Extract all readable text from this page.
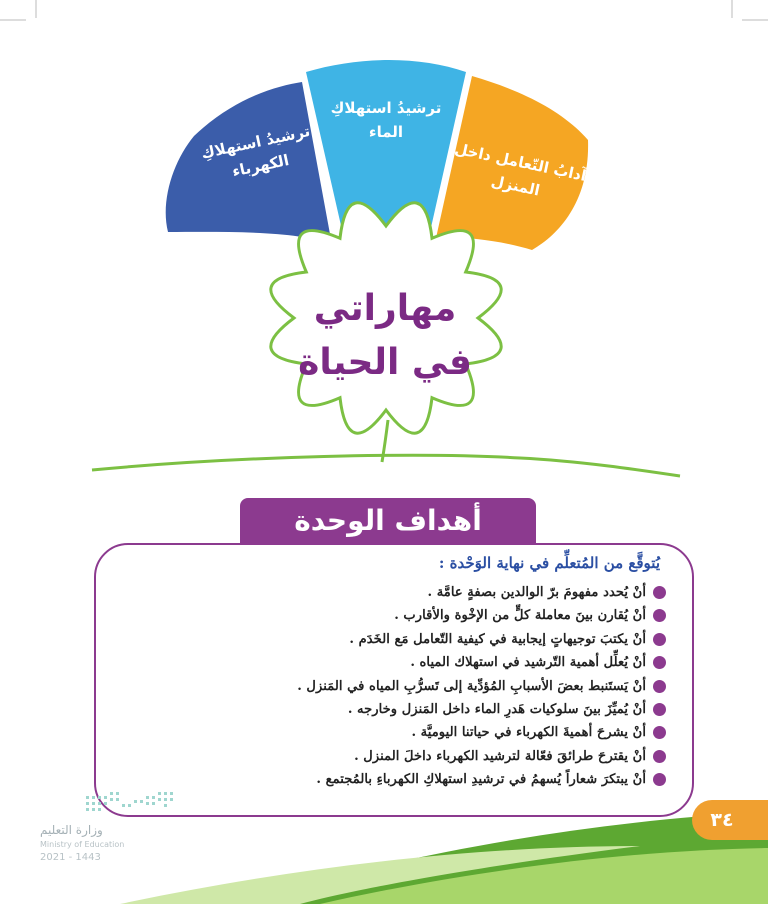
ترشيدُ استهلاكِ
الكهرباء
ترشيدُ استهلاكِ
الماء
آدابُ التّعامل داخل
المنزل
مهاراتي
في الحياة
أهداف الوحدة
يُتوقَّع من المُتعلِّم في نهاية الوَحْدة :
أنْ يُحدد مفهومَ برّ الوالدين بصفةٍ عامَّة .
أنْ يُقارن بينَ معاملة كلٍّ من الإخْوة والأقارب .
أنْ يكتبَ توجيهاتٍ إيجابية في كيفية التّعامل مَع الخَدَم .
أنْ يُعلِّل أهمية التّرشيد في استهلاك المياه .
أنْ يَستَنبط بعضَ الأسبابِ المُؤدِّية إلى تَسرُّبِ المياه في المَنزل .
أنْ يُميِّزَ بينَ سلوكيات هَدرِ الماء داخل المَنزل وخارجه .
أنْ يشرحَ أهميةَ الكهرباء في حياتنا اليوميَّة .
أنْ يقترحَ طرائقَ فعّالة لترشيد الكهرباء داخلَ المنزل .
أنْ يبتكرَ شعاراً يُسهمُ في ترشيدِ استهلاكِ الكهرباءِ بالمُجتمع .
٣٤
وزارة التعليم
Ministry of Education
2021 - 1443
